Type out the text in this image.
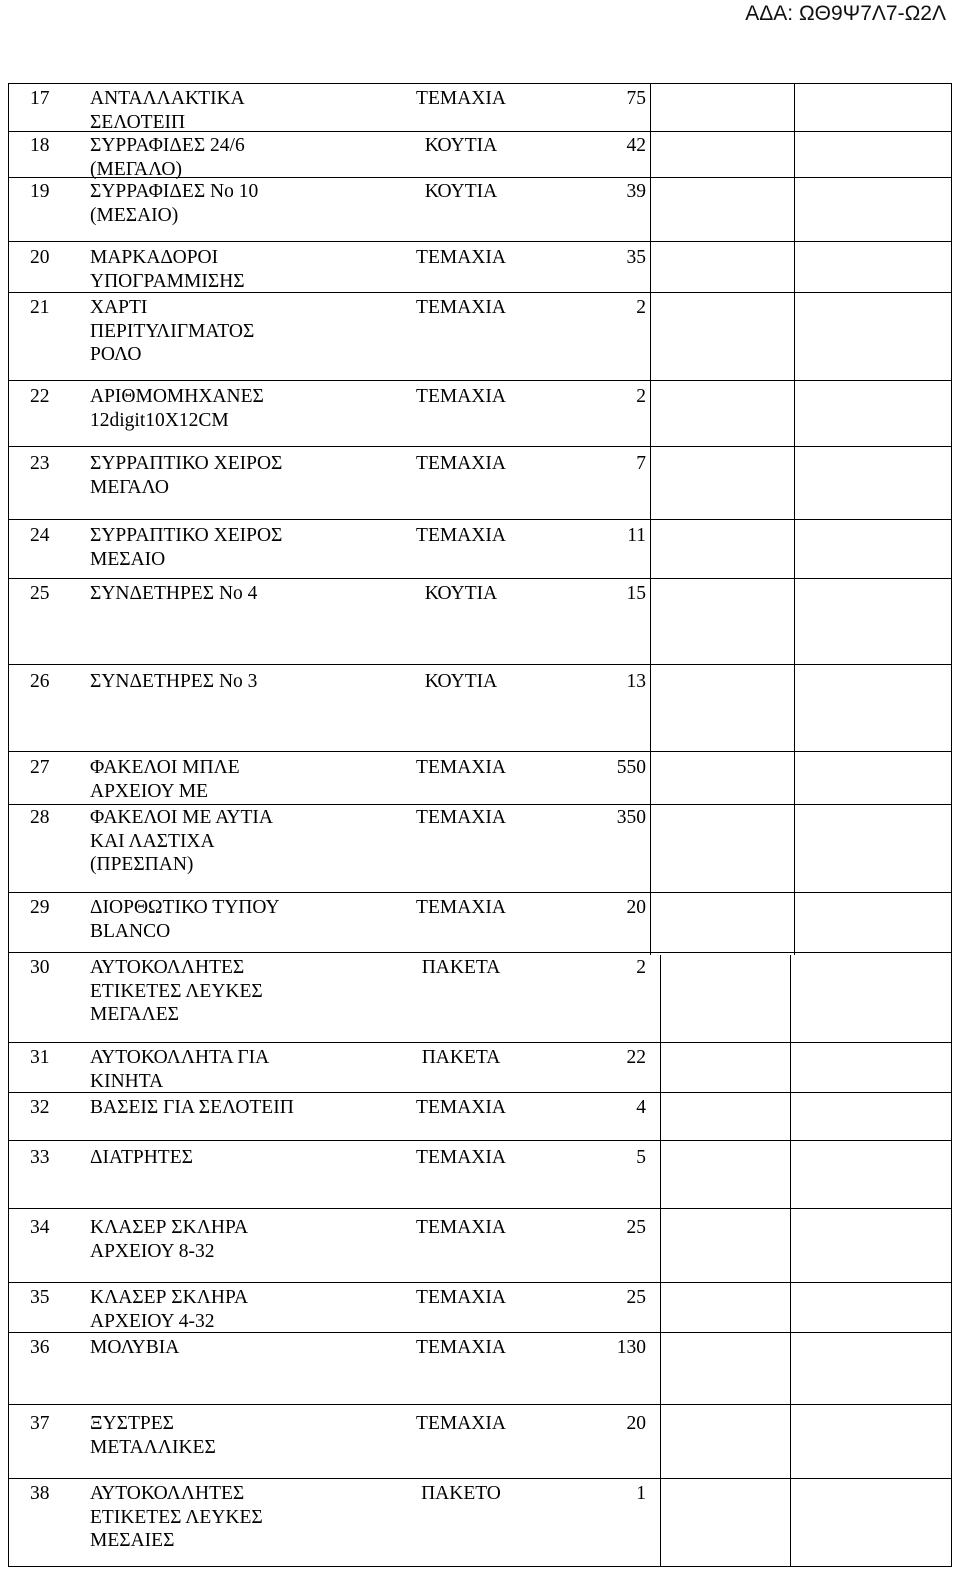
ΑΔΑ: ΩΘ9Ψ7Λ7-Ω2Λ
17 ΑΝΤΑΛΛΑΚΤΙΚΑ
ΣΕΛΟΤΕΙΠ
ΤΕΜΑΧΙΑ	75
18 ΣΥΡΡΑΦΙΔΕΣ 24/6
(ΜΕΓΑΛΟ)
ΚΟΥΤΙΑ	42
19 ΣΥΡΡΑΦΙΔΕΣ Νο 10
(ΜΕΣΑΙΟ)
ΚΟΥΤΙΑ	39
20 ΜΑΡΚΑΔΟΡΟΙ
ΥΠΟΓΡΑΜΜΙΣΗΣ
ΤΕΜΑΧΙΑ	35
21 ΧΑΡΤΙ
ΠΕΡΙΤΥΛΙΓΜΑΤΟΣ
ΡΟΛΟ
ΤΕΜΑΧΙΑ	2
22 ΑΡΙΘΜΟΜΗΧΑΝΕΣ
12digit10X12CM
ΤΕΜΑΧΙΑ	2
23 ΣΥΡΡΑΠΤΙΚΟ ΧΕΙΡΟΣ
ΜΕΓΑΛΟ
ΤΕΜΑΧΙΑ	7
24 ΣΥΡΡΑΠΤΙΚΟ ΧΕΙΡΟΣ
ΜΕΣΑΙΟ
ΤΕΜΑΧΙΑ	11
25 ΣΥΝΔΕΤΗΡΕΣ Νο 4	ΚΟΥΤΙΑ	15
26 ΣΥΝΔΕΤΗΡΕΣ Νο 3	ΚΟΥΤΙΑ	13
27 ΦΑΚΕΛΟΙ ΜΠΛΕ
ΑΡΧΕΙΟΥ ΜΕ
ΤΕΜΑΧΙΑ	550
28 ΦΑΚΕΛΟΙ ΜΕ ΑΥΤΙΑ
ΚΑΙ ΛΑΣΤΙΧΑ
(ΠΡΕΣΠΑΝ)
ΤΕΜΑΧΙΑ	350
29 ΔΙΟΡΘΩΤΙΚΟ ΤΥΠΟΥ
BLANCO
ΤΕΜΑΧΙΑ	20
30 ΑΥΤΟΚΟΛΛΗΤΕΣ
ΕΤΙΚΕΤΕΣ ΛΕΥΚΕΣ
ΜΕΓΑΛΕΣ
ΠΑΚΕΤΑ	2
31 ΑΥΤΟΚΟΛΛΗΤΑ ΓΙΑ
ΚΙΝΗΤΑ
ΠΑΚΕΤΑ	22
32 ΒΑΣΕΙΣ ΓΙΑ ΣΕΛΟΤΕΙΠ	ΤΕΜΑΧΙΑ	4
33 ΔΙΑΤΡΗΤΕΣ	ΤΕΜΑΧΙΑ	5
34 ΚΛΑΣΕΡ ΣΚΛΗΡΑ
ΑΡΧΕΙΟΥ 8-32
ΤΕΜΑΧΙΑ	25
35 ΚΛΑΣΕΡ ΣΚΛΗΡΑ
ΑΡΧΕΙΟΥ 4-32
ΤΕΜΑΧΙΑ	25
36 ΜΟΛΥΒΙΑ	ΤΕΜΑΧΙΑ	130
37 ΞΥΣΤΡΕΣ
ΜΕΤΑΛΛΙΚΕΣ
ΤΕΜΑΧΙΑ	20
38 ΑΥΤΟΚΟΛΛΗΤΕΣ
ΕΤΙΚΕΤΕΣ ΛΕΥΚΕΣ
ΜΕΣΑΙΕΣ
ΠΑΚΕΤΟ	1
